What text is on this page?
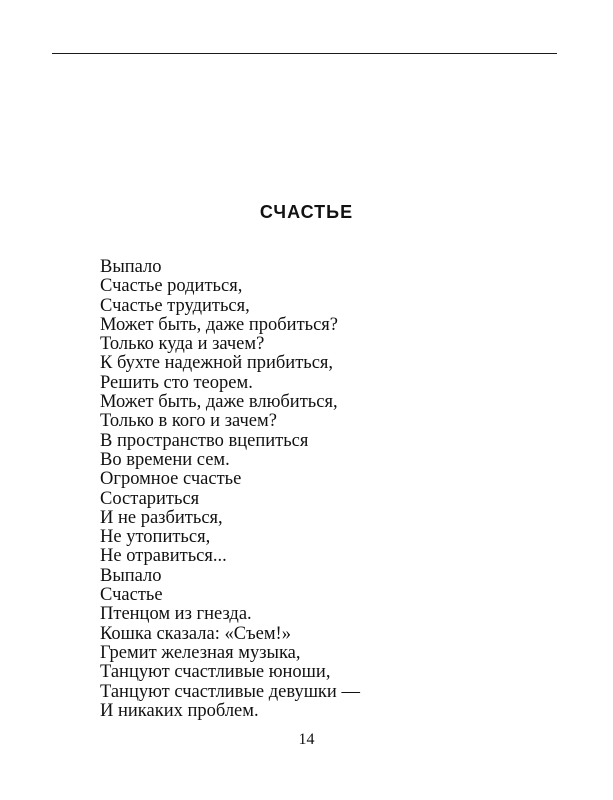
СЧАСТЬЕ
Выпало
Счастье родиться,
Счастье трудиться,
Может быть, даже пробиться?
Только куда и зачем?
К бухте надежной прибиться,
Решить сто теорем.
Может быть, даже влюбиться,
Только в кого и зачем?
В пространство вцепиться
Во времени сем.
Огромное счастье
Состариться
И не разбиться,
Не утопиться,
Не отравиться...
Выпало
Счастье
Птенцом из гнезда.
Кошка сказала: «Съем!»
Гремит железная музыка,
Танцуют счастливые юноши,
Танцуют счастливые девушки —
И никаких проблем.
14
